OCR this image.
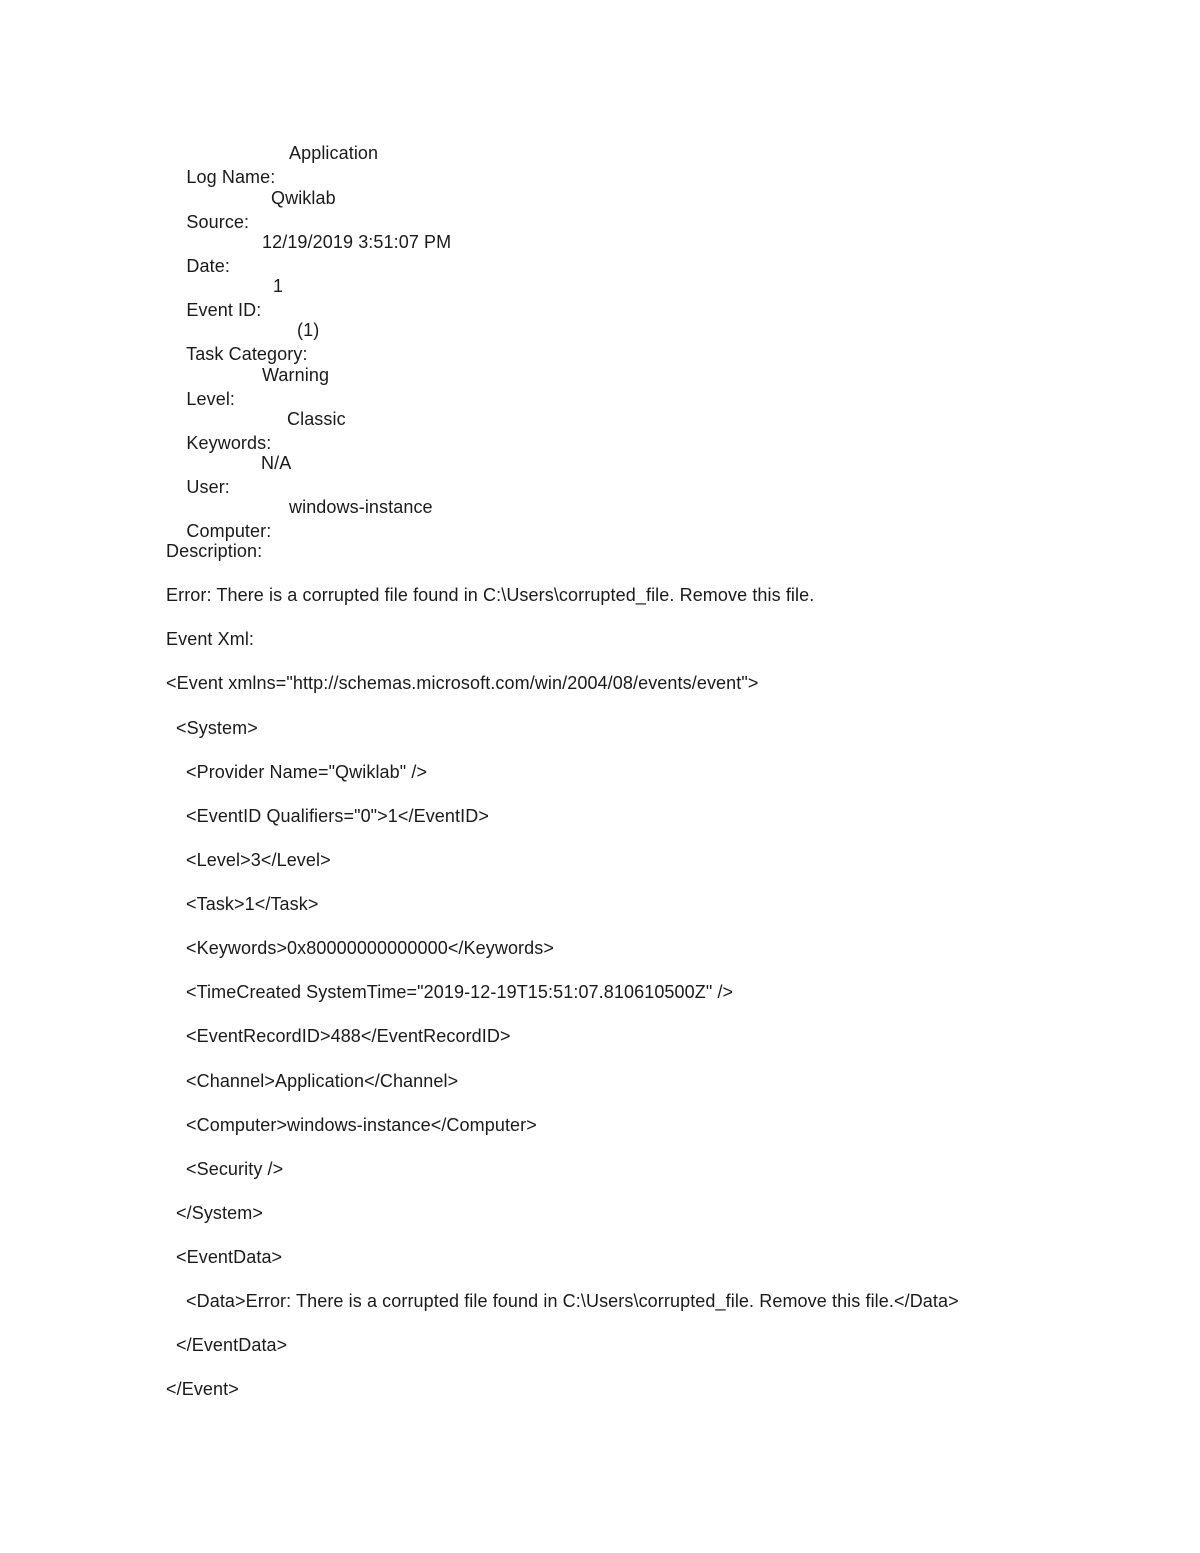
Log Name:

Application

Source:

Qwiklab

Date:

12/19/2019 3:51:07 PM

Event ID:

1

Task Category:

(1)

Level:

Warning

Keywords:

Classic

User:

N/A

Computer:

windows-instance

Description:
Error: There is a corrupted file found in C:\Users\corrupted_file. Remove this file.
Event Xml:
<Event xmlns="http://schemas.microsoft.com/win/2004/08/events/event">
<System>
<Provider Name="Qwiklab" />
<EventID Qualifiers="0">1</EventID>
<Level>3</Level>
<Task>1</Task>
<Keywords>0x80000000000000</Keywords>
<TimeCreated SystemTime="2019-12-19T15:51:07.810610500Z" />
<EventRecordID>488</EventRecordID>
<Channel>Application</Channel>
<Computer>windows-instance</Computer>
<Security />
</System>
<EventData>
<Data>Error: There is a corrupted file found in C:\Users\corrupted_file. Remove this file.</Data>
</EventData>
</Event>
